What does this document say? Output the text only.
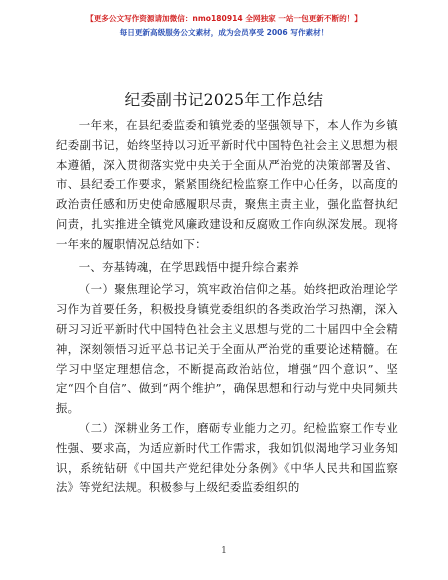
【更多公文写作资源请加微信：nmo180914 全网独家 一站一包更新不断的！】
每日更新高级服务公文素材，成为会员享受 2006 写作素材！
纪委副书记2025年工作总结

一年来，在县纪委监委和镇党委的坚强领导下，本人作为乡镇纪委副书记，始终坚持以习近平新时代中国特色社会主义思想为根本遵循，深入贯彻落实党中央关于全面从严治党的决策部署及省、市、县纪委工作要求，紧紧围绕纪检监察工作中心任务，以高度的政治责任感和历史使命感履职尽责，聚焦主责主业，强化监督执纪问责，扎实推进全镇党风廉政建设和反腐败工作向纵深发展。现将一年来的履职情况总结如下：

一、夯基铸魂，在学思践悟中提升综合素养

（一）聚焦理论学习，筑牢政治信仰之基。始终把政治理论学习作为首要任务，积极投身镇党委组织的各类政治学习热潮，深入研习习近平新时代中国特色社会主义思想与党的二十届四中全会精神，深刻领悟习近平总书记关于全面从严治党的重要论述精髓。在学习中坚定理想信念，不断提高政治站位，增强“四个意识”、坚定“四个自信”、做到“两个维护”，确保思想和行动与党中央同频共振。

（二）深耕业务工作，磨砺专业能力之刃。纪检监察工作专业性强、要求高，为适应新时代工作需求，我如饥似渴地学习业务知识，系统钻研《中国共产党纪律处分条例》《中华人民共和国监察法》等党纪法规。积极参与上级纪委监委组织的

1
